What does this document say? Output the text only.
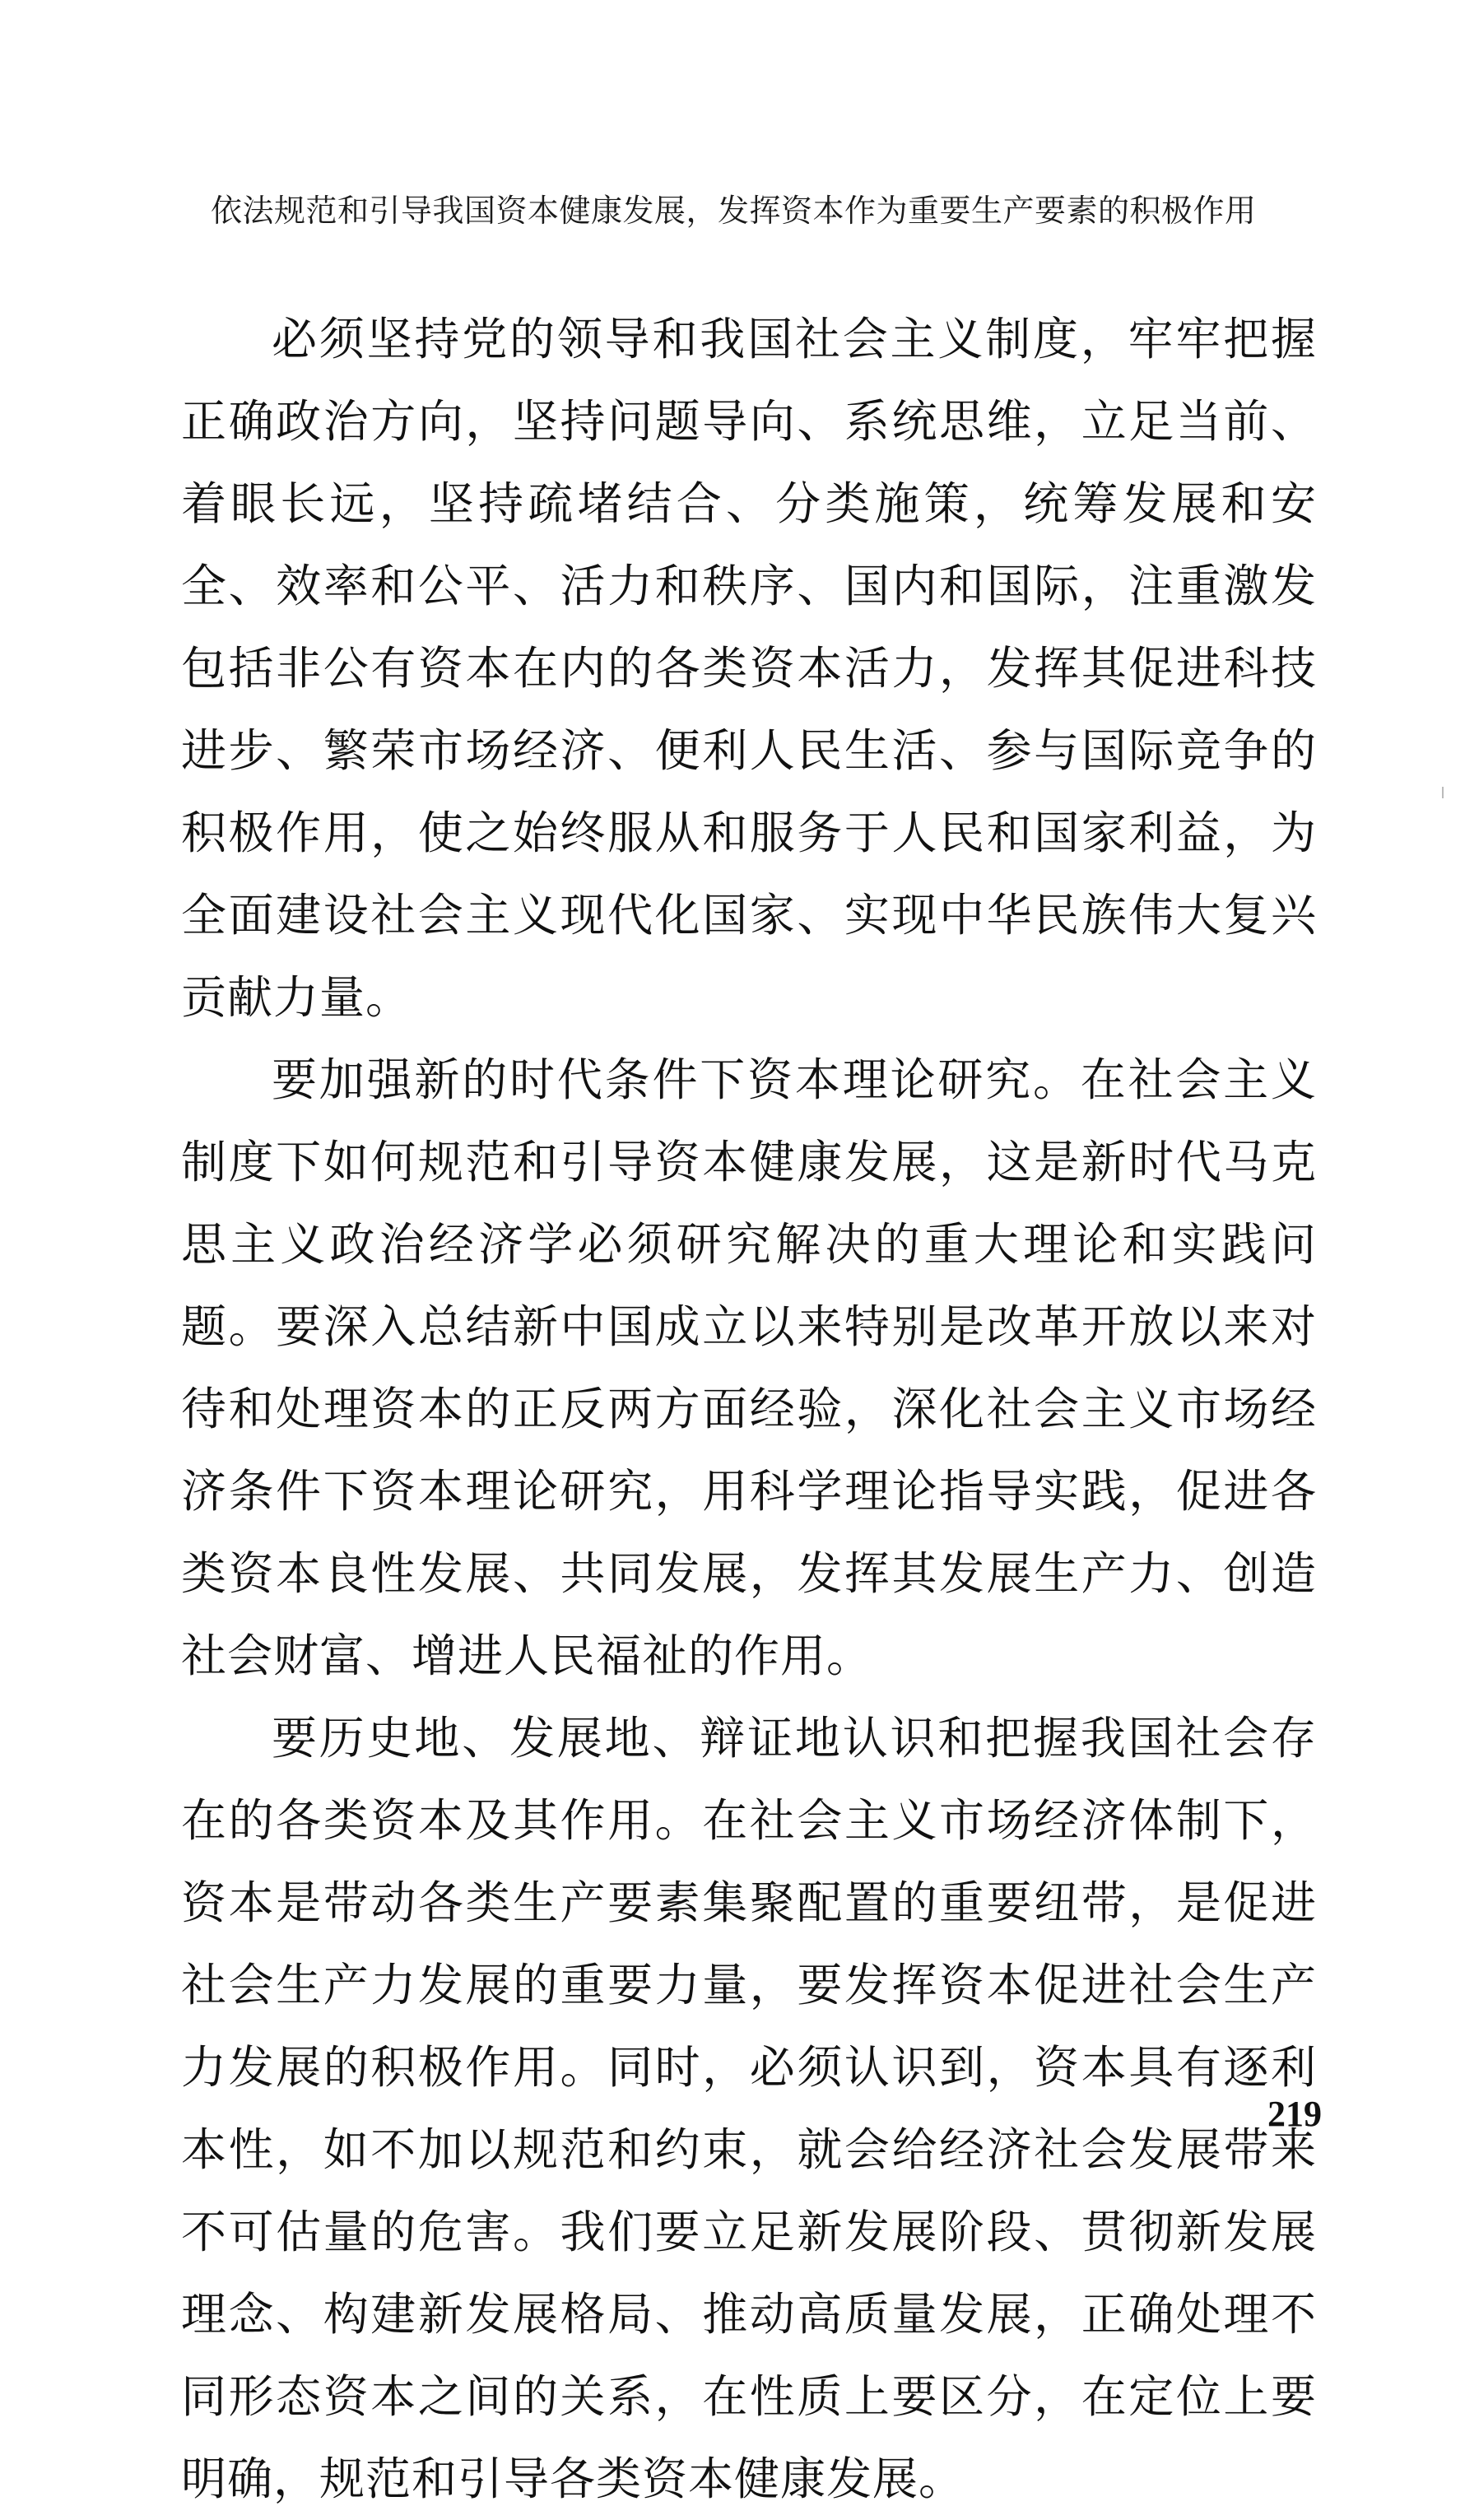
依法规范和引导我国资本健康发展，发挥资本作为重要生产要素的积极作用

必须坚持党的领导和我国社会主义制度，牢牢把握正确政治方向，坚持问题导向、系统思维，立足当前、着眼长远，坚持疏堵结合、分类施策，统筹发展和安全、效率和公平、活力和秩序、国内和国际，注重激发包括非公有资本在内的各类资本活力，发挥其促进科技进步、繁荣市场经济、便利人民生活、参与国际竞争的积极作用，使之始终服从和服务于人民和国家利益，为全面建设社会主义现代化国家、实现中华民族伟大复兴贡献力量。

要加强新的时代条件下资本理论研究。在社会主义制度下如何规范和引导资本健康发展，这是新时代马克思主义政治经济学必须研究解决的重大理论和实践问题。要深入总结新中国成立以来特别是改革开放以来对待和处理资本的正反两方面经验，深化社会主义市场经济条件下资本理论研究，用科学理论指导实践，促进各类资本良性发展、共同发展，发挥其发展生产力、创造社会财富、增进人民福祉的作用。

要历史地、发展地、辩证地认识和把握我国社会存在的各类资本及其作用。在社会主义市场经济体制下，资本是带动各类生产要素集聚配置的重要纽带，是促进社会生产力发展的重要力量，要发挥资本促进社会生产力发展的积极作用。同时，必须认识到，资本具有逐利本性，如不加以规范和约束，就会给经济社会发展带来不可估量的危害。我们要立足新发展阶段、贯彻新发展理念、构建新发展格局、推动高质量发展，正确处理不同形态资本之间的关系，在性质上要区分，在定位上要明确，规范和引导各类资本健康发展。

219
